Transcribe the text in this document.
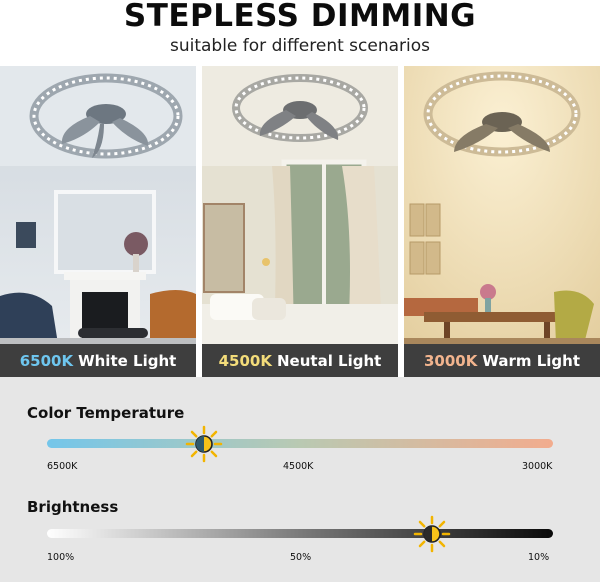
STEPLESS DIMMING
suitable for different scenarios
6500K White Light	4500K Neutal Light	3000K Warm Light
Color Temperature
6500K	4500K	3000K
Brightness
100%	50%	10%
